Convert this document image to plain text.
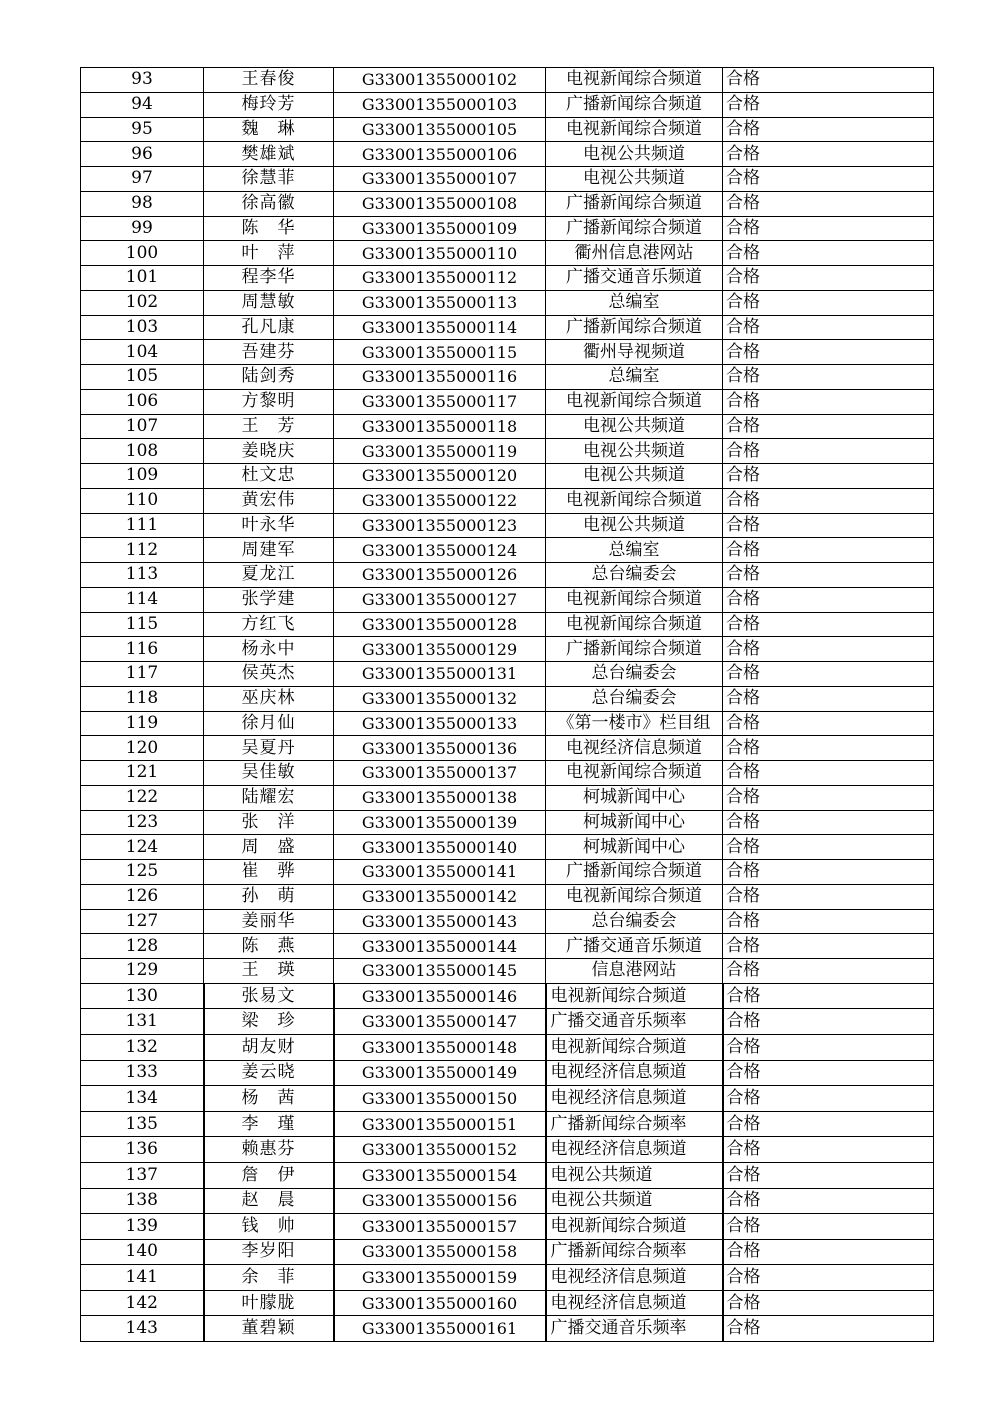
93	王春俊	G33001355000102	电视新闻综合频道	合格
94	梅玲芳	G33001355000103	广播新闻综合频道	合格
95	魏　琳	G33001355000105	电视新闻综合频道	合格
96	樊雄斌	G33001355000106	电视公共频道	合格
97	徐慧菲	G33001355000107	电视公共频道	合格
98	徐高徽	G33001355000108	广播新闻综合频道	合格
99	陈　华	G33001355000109	广播新闻综合频道	合格
100	叶　萍	G33001355000110	衢州信息港网站	合格
101	程李华	G33001355000112	广播交通音乐频道	合格
102	周慧敏	G33001355000113	总编室	合格
103	孔凡康	G33001355000114	广播新闻综合频道	合格
104	吾建芬	G33001355000115	衢州导视频道	合格
105	陆剑秀	G33001355000116	总编室	合格
106	方黎明	G33001355000117	电视新闻综合频道	合格
107	王　芳	G33001355000118	电视公共频道	合格
108	姜晓庆	G33001355000119	电视公共频道	合格
109	杜文忠	G33001355000120	电视公共频道	合格
110	黄宏伟	G33001355000122	电视新闻综合频道	合格
111	叶永华	G33001355000123	电视公共频道	合格
112	周建军	G33001355000124	总编室	合格
113	夏龙江	G33001355000126	总台编委会	合格
114	张学建	G33001355000127	电视新闻综合频道	合格
115	方红飞	G33001355000128	电视新闻综合频道	合格
116	杨永中	G33001355000129	广播新闻综合频道	合格
117	侯英杰	G33001355000131	总台编委会	合格
118	巫庆林	G33001355000132	总台编委会	合格
119	徐月仙	G33001355000133	《第一楼市》栏目组	合格
120	吴夏丹	G33001355000136	电视经济信息频道	合格
121	吴佳敏	G33001355000137	电视新闻综合频道	合格
122	陆耀宏	G33001355000138	柯城新闻中心	合格
123	张　洋	G33001355000139	柯城新闻中心	合格
124	周　盛	G33001355000140	柯城新闻中心	合格
125	崔　骅	G33001355000141	广播新闻综合频道	合格
126	孙　萌	G33001355000142	电视新闻综合频道	合格
127	姜丽华	G33001355000143	总台编委会	合格
128	陈　燕	G33001355000144	广播交通音乐频道	合格
129	王　瑛	G33001355000145	信息港网站	合格
130	张易文	G33001355000146	电视新闻综合频道	合格
131	梁　珍	G33001355000147	广播交通音乐频率	合格
132	胡友财	G33001355000148	电视新闻综合频道	合格
133	姜云晓	G33001355000149	电视经济信息频道	合格
134	杨　茜	G33001355000150	电视经济信息频道	合格
135	李　瑾	G33001355000151	广播新闻综合频率	合格
136	赖惠芬	G33001355000152	电视经济信息频道	合格
137	詹　伊	G33001355000154	电视公共频道	合格
138	赵　晨	G33001355000156	电视公共频道	合格
139	钱　帅	G33001355000157	电视新闻综合频道	合格
140	李岁阳	G33001355000158	广播新闻综合频率	合格
141	余　菲	G33001355000159	电视经济信息频道	合格
142	叶朦胧	G33001355000160	电视经济信息频道	合格
143	董碧颖	G33001355000161	广播交通音乐频率	合格
